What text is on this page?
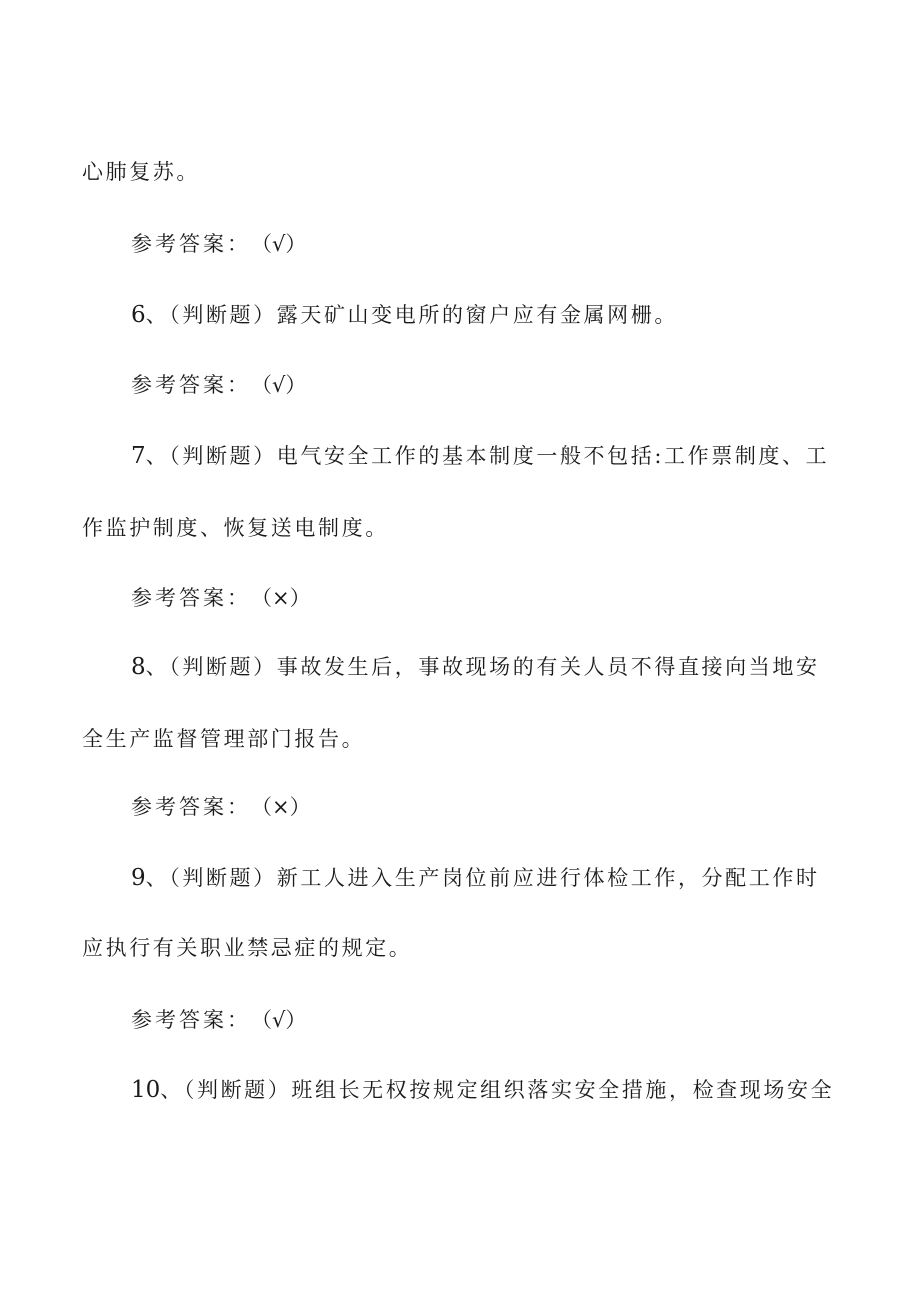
心肺复苏。
参考答案：（√）
6、（判断题）露天矿山变电所的窗户应有金属网栅。
参考答案：（√）
7、（判断题）电气安全工作的基本制度一般不包括:工作票制度、工
作监护制度、恢复送电制度。
参考答案：（×）
8、（判断题）事故发生后，事故现场的有关人员不得直接向当地安
全生产监督管理部门报告。
参考答案：（×）
9、（判断题）新工人进入生产岗位前应进行体检工作，分配工作时
应执行有关职业禁忌症的规定。
参考答案：（√）
10、（判断题）班组长无权按规定组织落实安全措施，检查现场安全
